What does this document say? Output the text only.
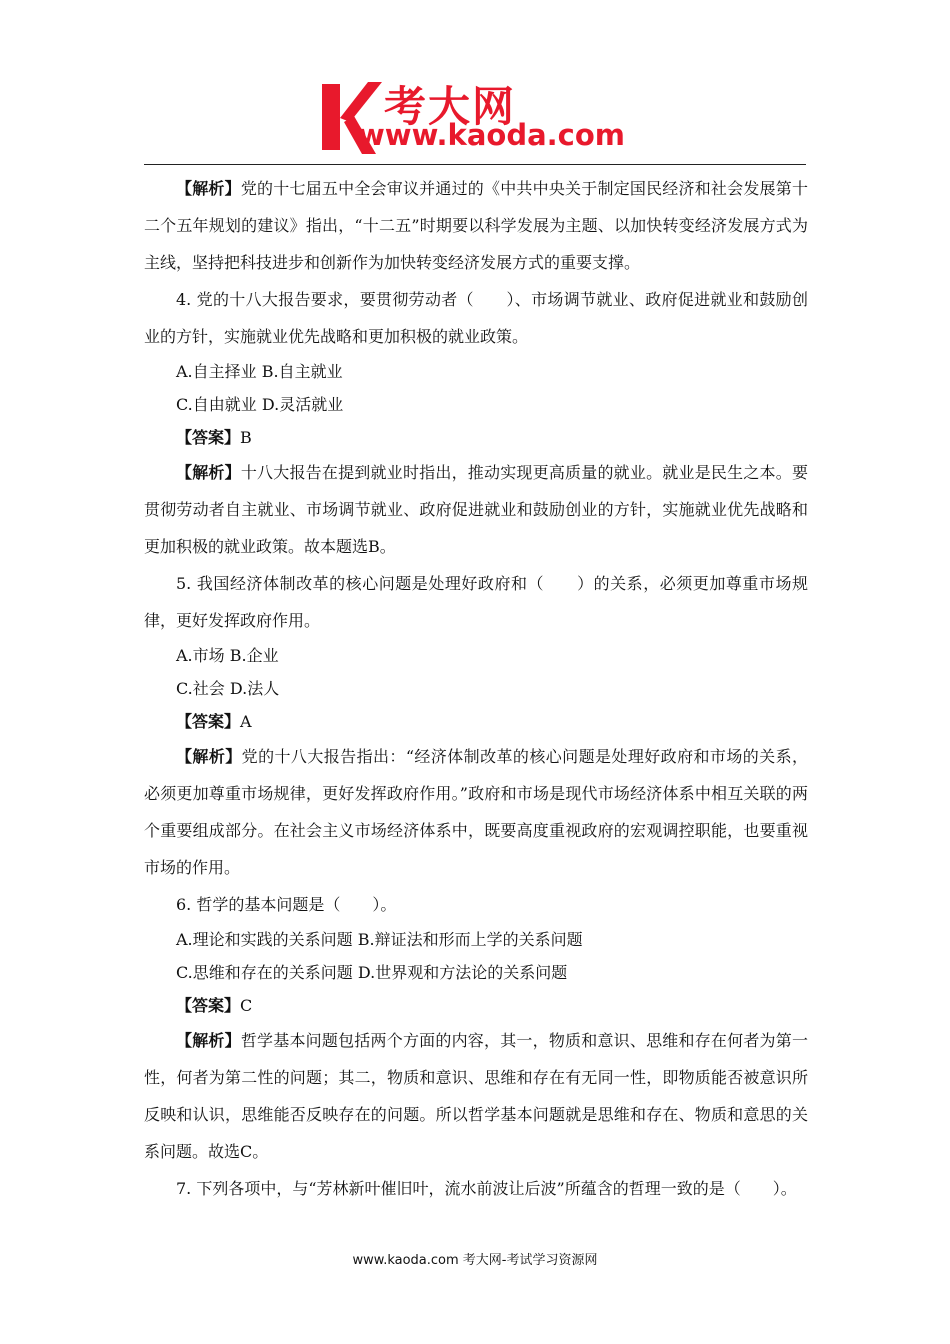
考大网
www.kaoda.com

【解析】党的十七届五中全会审议并通过的《中共中央关于制定国民经济和社会发展第十二个五年规划的建议》指出，“十二五”时期要以科学发展为主题、以加快转变经济发展方式为主线，坚持把科技进步和创新作为加快转变经济发展方式的重要支撑。

4. 党的十八大报告要求，要贯彻劳动者（　　）、市场调节就业、政府促进就业和鼓励创业的方针，实施就业优先战略和更加积极的就业政策。

A.自主择业 B.自主就业

C.自由就业 D.灵活就业

【答案】B

【解析】十八大报告在提到就业时指出，推动实现更高质量的就业。就业是民生之本。要贯彻劳动者自主就业、市场调节就业、政府促进就业和鼓励创业的方针，实施就业优先战略和更加积极的就业政策。故本题选B。

5. 我国经济体制改革的核心问题是处理好政府和（　　）的关系，必须更加尊重市场规律，更好发挥政府作用。

A.市场 B.企业

C.社会 D.法人

【答案】A

【解析】党的十八大报告指出：“经济体制改革的核心问题是处理好政府和市场的关系，必须更加尊重市场规律，更好发挥政府作用。”政府和市场是现代市场经济体系中相互关联的两个重要组成部分。在社会主义市场经济体系中，既要高度重视政府的宏观调控职能，也要重视市场的作用。

6. 哲学的基本问题是（　　）。

A.理论和实践的关系问题 B.辩证法和形而上学的关系问题

C.思维和存在的关系问题 D.世界观和方法论的关系问题

【答案】C

【解析】哲学基本问题包括两个方面的内容，其一，物质和意识、思维和存在何者为第一性，何者为第二性的问题；其二，物质和意识、思维和存在有无同一性，即物质能否被意识所反映和认识，思维能否反映存在的问题。所以哲学基本问题就是思维和存在、物质和意思的关系问题。故选C。

7. 下列各项中，与“芳林新叶催旧叶，流水前波让后波”所蕴含的哲理一致的是（　　）。

www.kaoda.com 考大网-考试学习资源网
